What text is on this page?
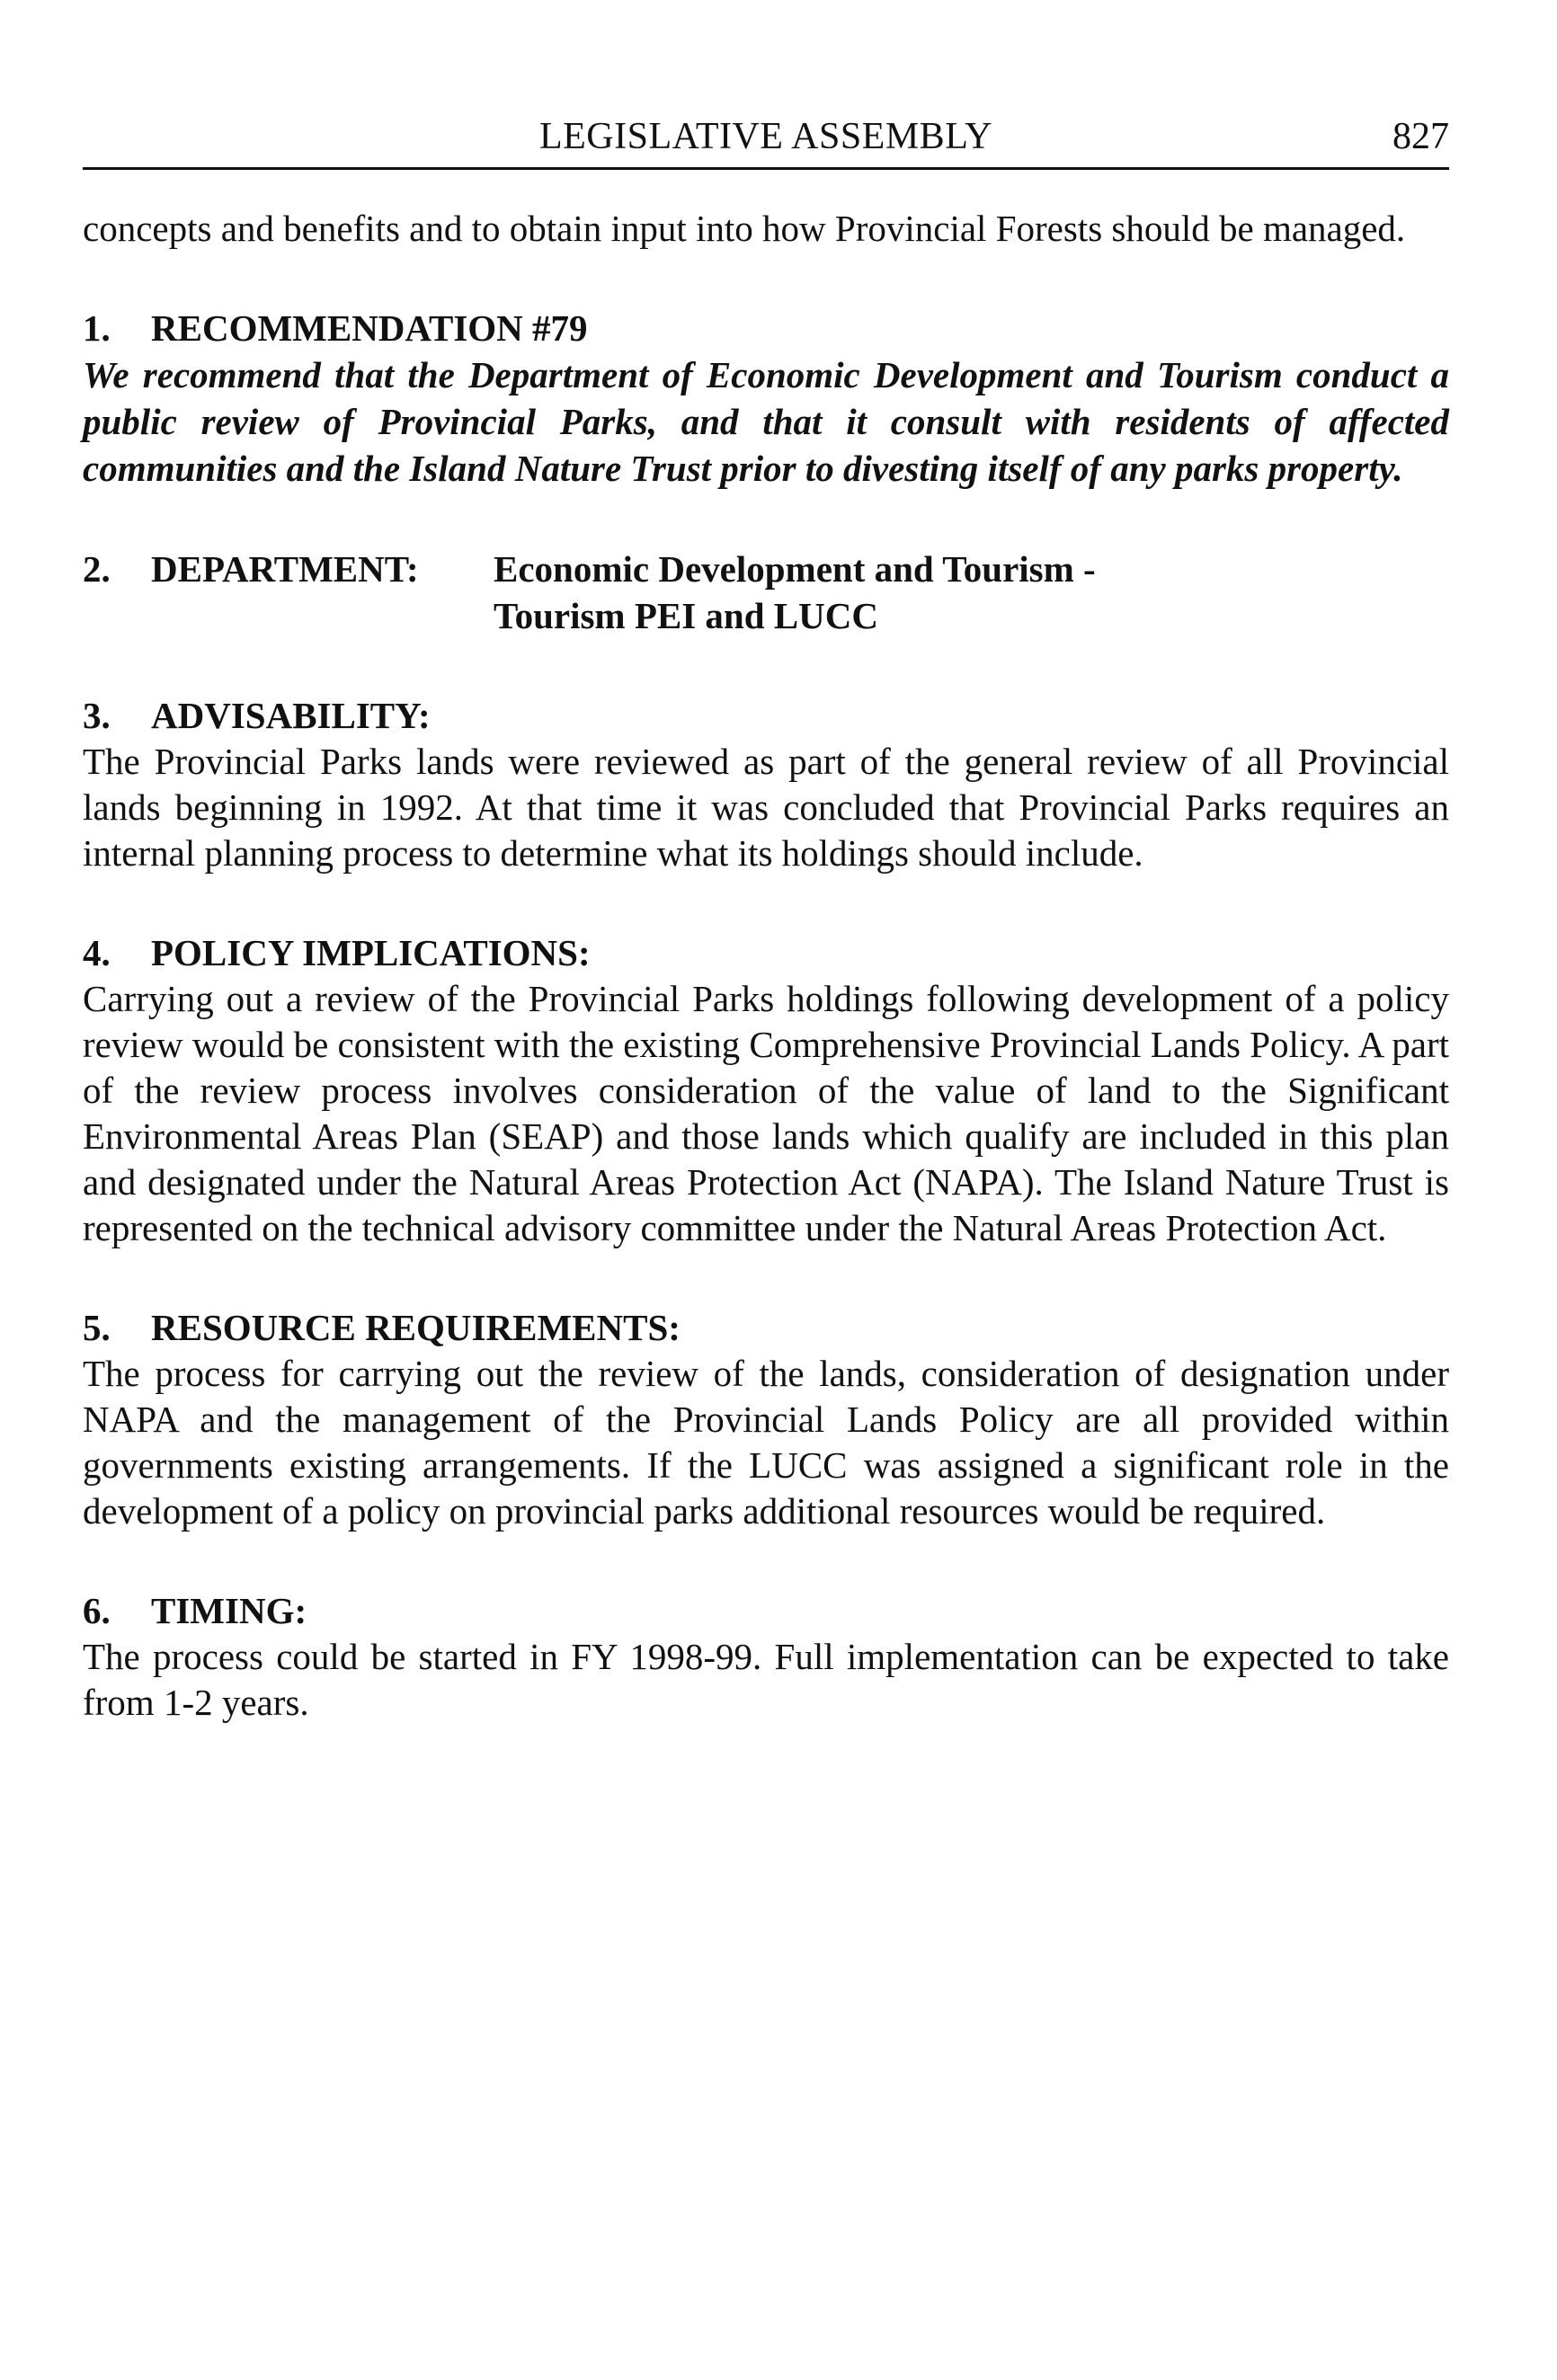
LEGISLATIVE ASSEMBLY	827

concepts and benefits and to obtain input into how Provincial Forests should be managed.

1. RECOMMENDATION #79

We recommend that the Department of Economic Development and Tourism conduct a public review of Provincial Parks, and that it consult with residents of affected communities and the Island Nature Trust prior to divesting itself of any parks property.

2. DEPARTMENT:	Economic Development and Tourism -
Tourism PEI and LUCC

3. ADVISABILITY:

The Provincial Parks lands were reviewed as part of the general review of all Provincial lands beginning in 1992. At that time it was concluded that Provincial Parks requires an internal planning process to determine what its holdings should include.

4. POLICY IMPLICATIONS:

Carrying out a review of the Provincial Parks holdings following development of a policy review would be consistent with the existing Comprehensive Provincial Lands Policy. A part of the review process involves consideration of the value of land to the Significant Environmental Areas Plan (SEAP) and those lands which qualify are included in this plan and designated under the Natural Areas Protection Act (NAPA). The Island Nature Trust is represented on the technical advisory committee under the Natural Areas Protection Act.

5. RESOURCE REQUIREMENTS:

The process for carrying out the review of the lands, consideration of designation under NAPA and the management of the Provincial Lands Policy are all provided within governments existing arrangements. If the LUCC was assigned a significant role in the development of a policy on provincial parks additional resources would be required.

6. TIMING:

The process could be started in FY 1998-99. Full implementation can be expected to take from 1-2 years.
